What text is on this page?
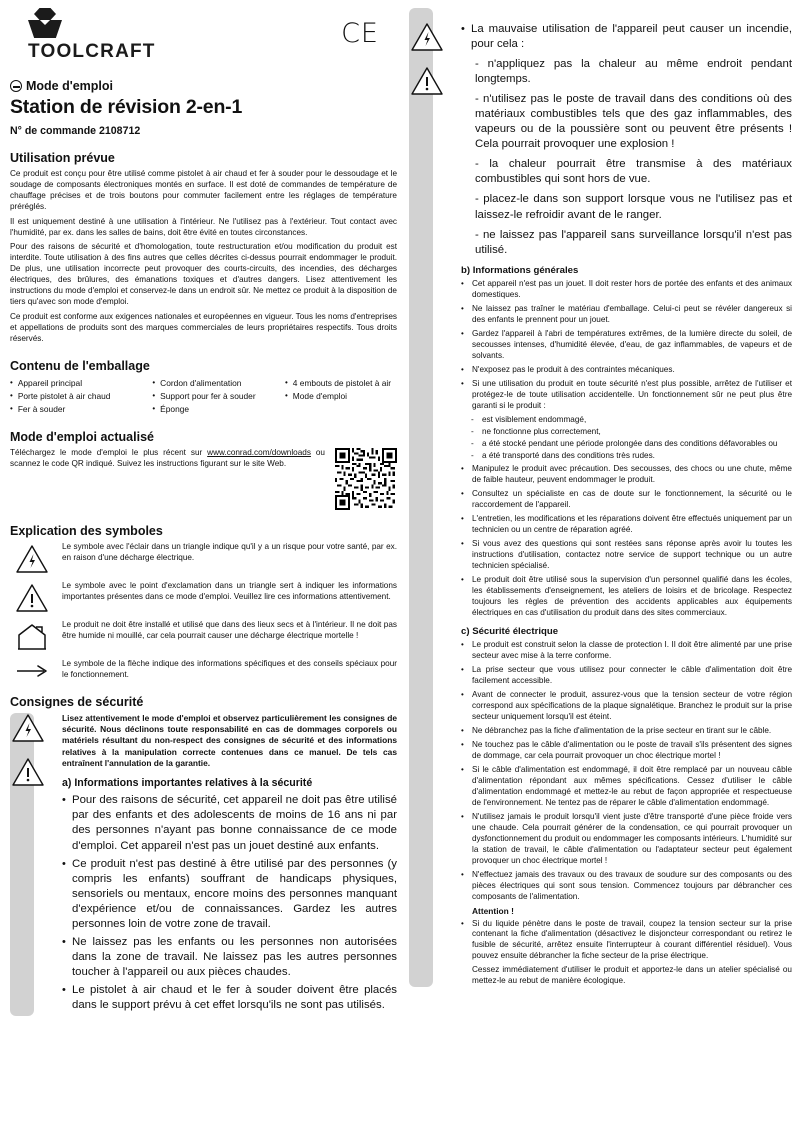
TOOLCRAFT
CE
Mode d'emploi
Station de révision 2-en-1
N° de commande 2108712
Utilisation prévue

Ce produit est conçu pour être utilisé comme pistolet à air chaud et fer à souder pour le dessoudage et le soudage de composants électroniques montés en surface. Il est doté de commandes de température de chauffage précises et de trois boutons pour commuter facilement entre les réglages de température préréglés.

Il est uniquement destiné à une utilisation à l'intérieur. Ne l'utilisez pas à l'extérieur. Tout contact avec l'humidité, par ex. dans les salles de bains, doit être évité en toutes circonstances.

Pour des raisons de sécurité et d'homologation, toute restructuration et/ou modification du produit est interdite. Toute utilisation à des fins autres que celles décrites ci-dessus pourrait endommager le produit. De plus, une utilisation incorrecte peut provoquer des courts-circuits, des incendies, des décharges électriques, des brûlures, des émanations toxiques et d'autres dangers. Lisez attentivement les instructions du mode d'emploi et conservez-le dans un endroit sûr. Ne mettez ce produit à la disposition de tiers qu'avec son mode d'emploi.

Ce produit est conforme aux exigences nationales et européennes en vigueur. Tous les noms d'entreprises et appellations de produits sont des marques commerciales de leurs propriétaires respectifs. Tous droits réservés.

Contenu de l'emballage
• Appareil principal
• Porte pistolet à air chaud
• Fer à souder
• Cordon d'alimentation
• Support pour fer à souder
• Éponge
• 4 embouts de pistolet à air
• Mode d'emploi
Mode d'emploi actualisé

Téléchargez le mode d'emploi le plus récent sur www.conrad.com/downloads ou scannez le code QR indiqué. Suivez les instructions figurant sur le site Web.

Explication des symboles
Le symbole avec l'éclair dans un triangle indique qu'il y a un risque pour votre santé, par ex. en raison d'une décharge électrique.
Le symbole avec le point d'exclamation dans un triangle sert à indiquer les informations importantes présentes dans ce mode d'emploi. Veuillez lire ces informations attentivement.
Le produit ne doit être installé et utilisé que dans des lieux secs et à l'intérieur. Il ne doit pas être humide ni mouillé, car cela pourrait causer une décharge électrique mortelle !
Le symbole de la flèche indique des informations spécifiques et des conseils spéciaux pour le fonctionnement.
Consignes de sécurité
Lisez attentivement le mode d'emploi et observez particulièrement les consignes de sécurité. Nous déclinons toute responsabilité en cas de dommages corporels ou matériels résultant du non-respect des consignes de sécurité et des informations relatives à la manipulation correcte contenues dans ce manuel. De tels cas entraînent l'annulation de la garantie.
a) Informations importantes relatives à la sécurité
• Pour des raisons de sécurité, cet appareil ne doit pas être utilisé par des enfants et des adolescents de moins de 16 ans ni par des personnes n'ayant pas bonne connaissance de ce mode d'emploi. Cet appareil n'est pas un jouet destiné aux enfants.
• Ce produit n'est pas destiné à être utilisé par des personnes (y compris les enfants) souffrant de handicaps physiques, sensoriels ou mentaux, encore moins des personnes manquant d'expérience et/ou de connaissances. Gardez les autres personnes loin de votre zone de travail.
• Ne laissez pas les enfants ou les personnes non autorisées dans la zone de travail. Ne laissez pas les autres personnes toucher à l'appareil ou aux pièces chaudes.
• Le pistolet à air chaud et le fer à souder doivent être placés dans le support prévu à cet effet lorsqu'ils ne sont pas utilisés.
• La mauvaise utilisation de l'appareil peut causer un incendie, pour cela :
- n'appliquez pas la chaleur au même endroit pendant longtemps.
- n'utilisez pas le poste de travail dans des conditions où des matériaux combustibles tels que des gaz inflammables, des vapeurs ou de la poussière sont ou peuvent être présents ! Cela pourrait provoquer une explosion !
- la chaleur pourrait être transmise à des matériaux combustibles qui sont hors de vue.
- placez-le dans son support lorsque vous ne l'utilisez pas et laissez-le refroidir avant de le ranger.
- ne laissez pas l'appareil sans surveillance lorsqu'il n'est pas utilisé.
b) Informations générales
• Cet appareil n'est pas un jouet. Il doit rester hors de portée des enfants et des animaux domestiques.
• Ne laissez pas traîner le matériau d'emballage. Celui-ci peut se révéler dangereux si des enfants le prennent pour un jouet.
• Gardez l'appareil à l'abri de températures extrêmes, de la lumière directe du soleil, de secousses intenses, d'humidité élevée, d'eau, de gaz inflammables, de vapeurs et de solvants.
• N'exposez pas le produit à des contraintes mécaniques.
• Si une utilisation du produit en toute sécurité n'est plus possible, arrêtez de l'utiliser et protégez-le de toute utilisation accidentelle. Un fonctionnement sûr ne peut plus être garanti si le produit :
-	est visiblement endommagé,
-	ne fonctionne plus correctement,
-	a été stocké pendant une période prolongée dans des conditions défavorables ou
-	a été transporté dans des conditions très rudes.
• Manipulez le produit avec précaution. Des secousses, des chocs ou une chute, même de faible hauteur, peuvent endommager le produit.
• Consultez un spécialiste en cas de doute sur le fonctionnement, la sécurité ou le raccordement de l'appareil.
• L'entretien, les modifications et les réparations doivent être effectués uniquement par un technicien ou un centre de réparation agréé.
• Si vous avez des questions qui sont restées sans réponse après avoir lu toutes les instructions d'utilisation, contactez notre service de support technique ou un autre technicien spécialisé.
• Le produit doit être utilisé sous la supervision d'un personnel qualifié dans les écoles, les établissements d'enseignement, les ateliers de loisirs et de bricolage. Respectez toujours les règles de prévention des accidents applicables aux équipements électriques en cas d'utilisation du produit dans des sites commerciaux.
c) Sécurité électrique
• Le produit est construit selon la classe de protection I. Il doit être alimenté par une prise secteur avec mise à la terre conforme.
• La prise secteur que vous utilisez pour connecter le câble d'alimentation doit être facilement accessible.
• Avant de connecter le produit, assurez-vous que la tension secteur de votre région correspond aux spécifications de la plaque signalétique. Branchez le produit sur la prise secteur uniquement lorsqu'il est éteint.
• Ne débranchez pas la fiche d'alimentation de la prise secteur en tirant sur le câble.
• Ne touchez pas le câble d'alimentation ou le poste de travail s'ils présentent des signes de dommage, car cela pourrait provoquer un choc électrique mortel !
• Si le câble d'alimentation est endommagé, il doit être remplacé par un nouveau câble d'alimentation répondant aux mêmes spécifications. Cessez d'utiliser le câble d'alimentation endommagé et mettez-le au rebut de façon appropriée et respectueuse de l'environnement. Ne tentez pas de réparer le câble d'alimentation endommagé.
• N'utilisez jamais le produit lorsqu'il vient juste d'être transporté d'une pièce froide vers une chaude. Cela pourrait générer de la condensation, ce qui pourrait provoquer un dysfonctionnement du produit ou endommager les composants intérieurs. L'humidité sur la station de travail, le câble d'alimentation ou l'adaptateur secteur peut également provoquer un choc électrique mortel !
• N'effectuez jamais des travaux ou des travaux de soudure sur des composants ou des pièces électriques qui sont sous tension. Commencez toujours par débrancher ces composants de l'alimentation.
Attention !
• Si du liquide pénètre dans le poste de travail, coupez la tension secteur sur la prise contenant la fiche d'alimentation (désactivez le disjoncteur correspondant ou retirez le fusible de sécurité, arrêtez ensuite l'interrupteur à courant différentiel résiduel). Vous pouvez ensuite débrancher la fiche secteur de la prise électrique.
Cessez immédiatement d'utiliser le produit et apportez-le dans un atelier spécialisé ou mettez-le au rebut de manière écologique.
